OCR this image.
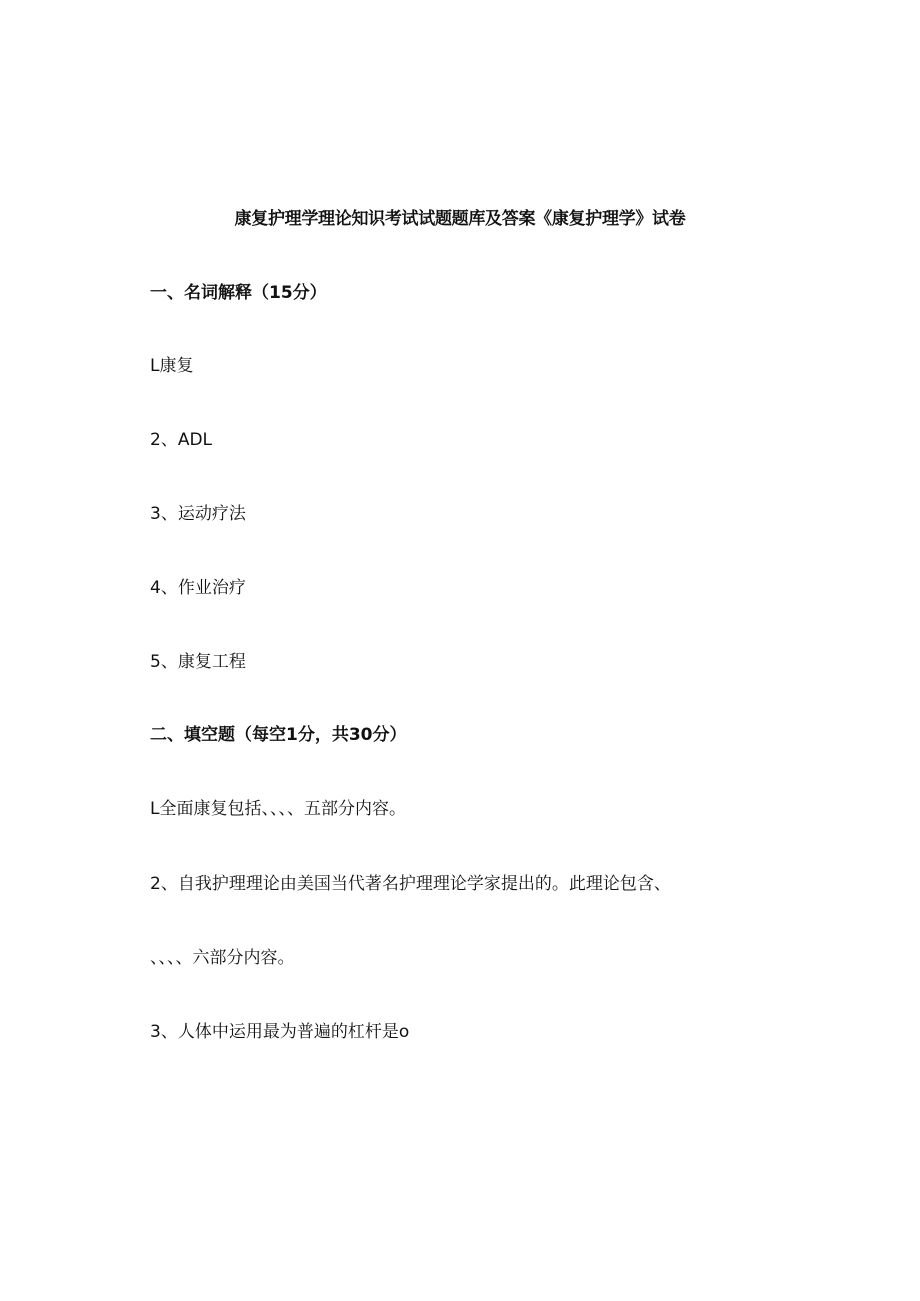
康复护理学理论知识考试试题题库及答案《康复护理学》试卷
一、名词解释（15分）
L康复
2、ADL
3、运动疗法
4、作业治疗
5、康复工程
二、填空题（每空1分，共30分）
L全面康复包括、、、、五部分内容。
2、自我护理理论由美国当代著名护理理论学家提出的。此理论包含、
、、、、六部分内容。
3、人体中运用最为普遍的杠杆是o
